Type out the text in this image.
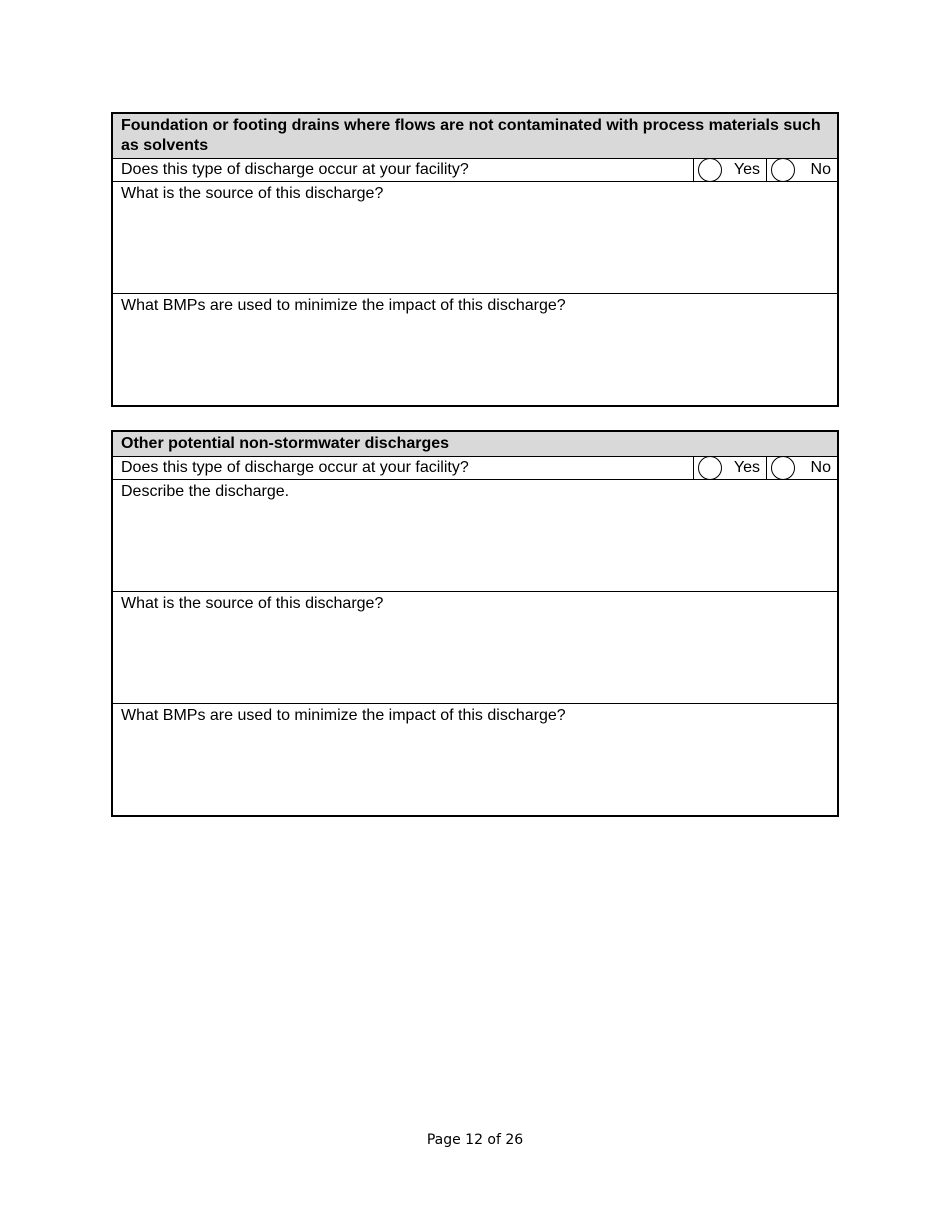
Foundation or footing drains where flows are not contaminated with process materials such as solvents
Does this type of discharge occur at your facility?	Yes	No
What is the source of this discharge?
What BMPs are used to minimize the impact of this discharge?
Other potential non-stormwater discharges
Does this type of discharge occur at your facility?	Yes	No
Describe the discharge.
What is the source of this discharge?
What BMPs are used to minimize the impact of this discharge?
Page 12 of 26
